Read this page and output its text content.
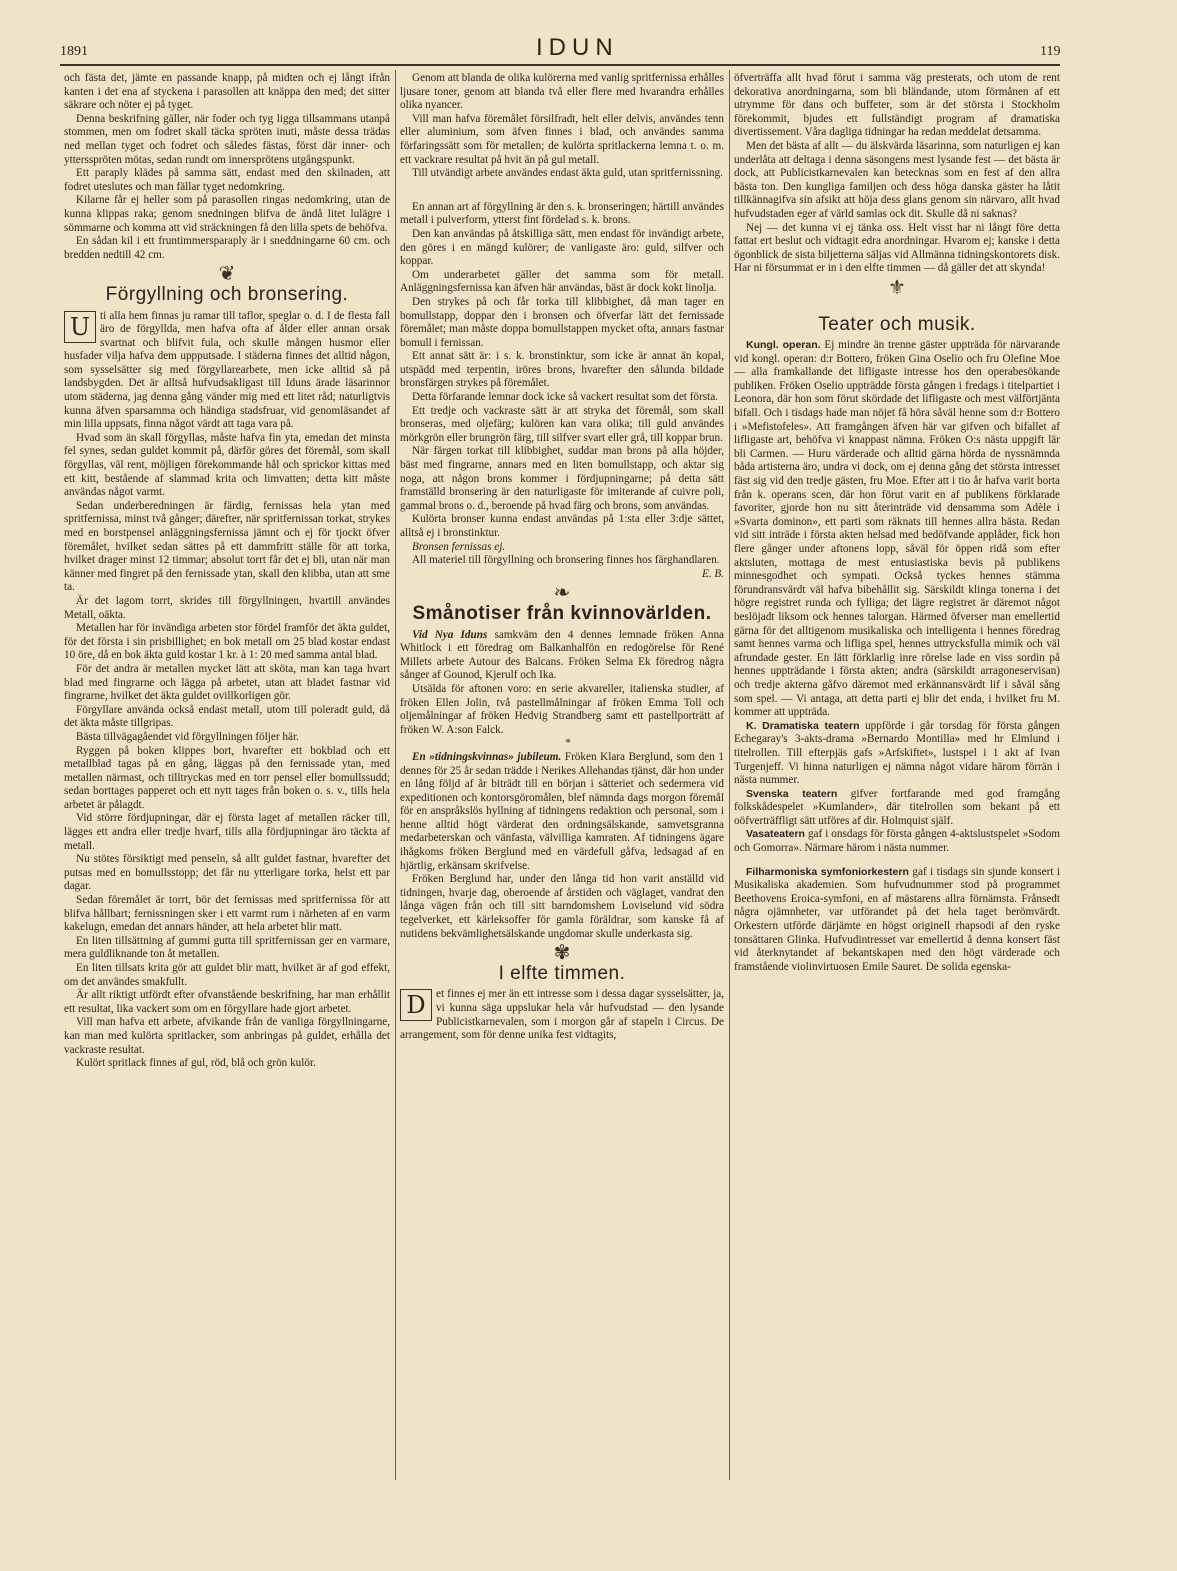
1891	IDUN	119

och fästa det, jämte en passande knapp, på midten och ej långt ifrån kanten i det ena af styckena i parasollen att knäppa den med; det sitter säkrare och nöter ej på tyget.

Denna beskrifning gäller, när foder och tyg ligga tillsammans utanpå stommen, men om fodret skall täcka spröten inuti, måste dessa trädas ned mellan tyget och fodret och således fästas, först där inner- och yttersspröten mötas, sedan rundt om innersprötens utgångspunkt.

Ett paraply klädes på samma sätt, endast med den skilnaden, att fodret uteslutes och man fällar tyget nedomkring.

Kilarne får ej heller som på parasollen ringas nedomkring, utan de kunna klippas raka; genom snedningen blifva de ändå litet lulägre i sömmarne och komma att vid sträckningen få den lilla spets de behöfva.

En sådan kil i ett fruntimmersparaply är i sneddningarne 60 cm. och bredden nedtill 42 cm.

❦
Förgyllning och bronsering.

U ti alla hem finnas ju ramar till taflor, speglar o. d. I de flesta fall äro de förgyllda, men hafva ofta af ålder eller annan orsak svartnat och blifvit fula, och skulle mången husmor eller husfader vilja hafva dem uppputsade. I städerna finnes det alltid någon, som sysselsätter sig med förgyllarearbete, men icke alltid så på landsbygden. Det är alltså hufvudsakligast till Iduns ärade läsarinnor utom städerna, jag denna gång vänder mig med ett litet råd; naturligtvis kunna äfven sparsamma och händiga stadsfruar, vid genomläsandet af min lilla uppsats, finna något värdt att taga vara på.

Hvad som än skall förgyllas, måste hafva fin yta, emedan det minsta fel synes, sedan guldet kommit på, därför göres det föremål, som skall förgyllas, väl rent, möjligen förekommande hål och sprickor kittas med ett kitt, bestående af slammad krita och limvatten; detta kitt måste användas något varmt.

Sedan underberedningen är färdig, fernissas hela ytan med spritfernissa, minst två gånger; därefter, när spritfernissan torkat, strykes med en borstpensel anläggningsfernissa jämnt och ej för tjockt öfver föremålet, hvilket sedan sättes på ett dammfritt ställe för att torka, hvilket drager minst 12 timmar; absolut torrt får det ej bli, utan när man känner med fingret på den fernissade ytan, skall den klibba, utan att sme ta.

Är det lagom torrt, skrides till förgyllningen, hvartill användes Metall, oäkta.

Metallen har för invändiga arbeten stor fördel framför det äkta guldet, för det första i sin prisbillighet; en bok metall om 25 blad kostar endast 10 öre, då en bok äkta guld kostar 1 kr. à 1: 20 med samma antal blad.

För det andra är metallen mycket lätt att sköta, man kan taga hvart blad med fingrarne och lägga på arbetet, utan att bladet fastnar vid fingrarne, hvilket det äkta guldet ovillkorligen gör.

Förgyllare använda också endast metall, utom till poleradt guld, då det äkta måste tillgripas.

Bästa tillvägagåendet vid förgyllningen följer här.

Ryggen på boken klippes bort, hvarefter ett bokblad och ett metallblad tagas på en gång, läggas på den fernissade ytan, med metallen närmast, och tilltryckas med en torr pensel eller bomullssudd; sedan borttages papperet och ett nytt tages från boken o. s. v., tills hela arbetet är pålagdt.

Vid större fördjupningar, där ej första laget af metallen räcker till, lägges ett andra eller tredje hvarf, tills alla fördjupningar äro täckta af metall.

Nu stötes försiktigt med penseln, så allt guldet fastnar, hvarefter det putsas med en bomullsstopp; det får nu ytterligare torka, helst ett par dagar.

Sedan föremålet är torrt, bör det fernissas med spritfernissa för att blifva hållbart; fernissningen sker i ett varmt rum i närheten af en varm kakelugn, emedan det annars händer, att hela arbetet blir matt.

En liten tillsättning af gummi gutta till spritfernissan ger en varmare, mera guldliknande ton åt metallen.

En liten tillsats krita gör att guldet blir matt, hvilket är af god effekt, om det användes smakfullt.

Är allt riktigt utfördt efter ofvanstående beskrifning, har man erhållit ett resultat, lika vackert som om en förgyllare hade gjort arbetet.

Vill man hafva ett arbete, afvikande från de vanliga förgyllningarne, kan man med kulörta spritlacker, som anbringas på guldet, erhålla det vackraste resultat.

Kulört spritlack finnes af gul, röd, blå och grön kulör.

Genom att blanda de olika kulörerna med vanlig spritfernissa erhålles ljusare toner, genom att blanda två eller flere med hvarandra erhålles olika nyancer.

Vill man hafva föremålet försilfradt, helt eller delvis, användes tenn eller aluminium, som äfven finnes i blad, och användes samma förfaringssätt som för metallen; de kulörta spritlackerna lemna t. o. m. ett vackrare resultat på hvit än på gul metall.

Till utvändigt arbete användes endast äkta guld, utan spritfernissning.

En annan art af förgyllning är den s. k. bronseringen; härtill användes metall i pulverform, ytterst fint fördelad s. k. brons.

Den kan användas på åtskilliga sätt, men endast för invändigt arbete, den göres i en mängd kulörer; de vanligaste äro: guld, silfver och koppar.

Om underarbetet gäller det samma som för metall. Anläggningsfernissa kan äfven här användas, bäst är dock kokt linolja.

Den strykes på och får torka till klibbighet, då man tager en bomullstapp, doppar den i bronsen och öfverfar lätt det fernissade föremålet; man måste doppa bomullstappen mycket ofta, annars fastnar bomull i fernissan.

Ett annat sätt är: i s. k. bronstinktur, som icke är annat än kopal, utspädd med terpentin, iröres brons, hvarefter den sålunda bildade bronsfärgen strykes på föremålet.

Detta förfarande lemnar dock icke så vackert resultat som det första.

Ett tredje och vackraste sätt är att stryka det föremål, som skall bronseras, med oljefärg; kulören kan vara olika; till guld användes mörkgrön eller brungrön färg, till silfver svart eller grå, till koppar brun.

När färgen torkat till klibbighet, suddar man brons på alla höjder, bäst med fingrarne, annars med en liten bomullstapp, och aktar sig noga, att någon brons kommer i fördjupningarne; på detta sätt framställd bronsering är den naturligaste för imiterande af cuivre poli, gammal brons o. d., beroende på hvad färg och brons, som användas.

Kulörta bronser kunna endast användas på 1:sta eller 3:dje sättet, alltså ej i bronstinktur.

Bronsen fernissas ej.

All materiel till förgyllning och bronsering finnes hos färghandlaren.

E. B.
❧
Smånotiser från kvinnovärlden.

Vid Nya Iduns samkväm den 4 dennes lemnade fröken Anna Whitlock i ett föredrag om Balkanhalfön en redogörelse för René Millets arbete Autour des Balcans. Fröken Selma Ek föredrog några sånger af Gounod, Kjerulf och Ika.

Utsälda för aftonen voro: en serie akvareller, italienska studier, af fröken Ellen Jolin, två pastellmålningar af fröken Emma Toll och oljemålningar af fröken Hedvig Strandberg samt ett pastellporträtt af fröken W. A:son Falck.

*

En »tidningskvinnas» jubileum. Fröken Klara Berglund, som den 1 dennes för 25 år sedan trädde i Nerikes Allehandas tjänst, där hon under en lång följd af år biträdt till en början i sätteriet och sedermera vid expeditionen och kontorsgöromålen, blef nämnda dags morgon föremål för en anspråkslös hyllning af tidningens redaktion och personal, som i henne alltid högt värderat den ordningsälskande, samvetsgranna medarbeterskan och vänfasta, välvilliga kamraten. Af tidningens ägare ihågkoms fröken Berglund med en värdefull gåfva, ledsagad af en hjärtlig, erkänsam skrifvelse.

Fröken Berglund har, under den långa tid hon varit anställd vid tidningen, hvarje dag, oberoende af årstiden och väglaget, vandrat den långa vägen från och till sitt barndomshem Loviselund vid södra tegelverket, ett kärleksoffer för gamla föräldrar, som kanske få af nutidens bekvämlighetsälskande ungdomar skulle underkasta sig.

✾
I elfte timmen.

D et finnes ej mer än ett intresse som i dessa dagar sysselsätter, ja, vi kunna säga uppslukar hela vår hufvudstad — den lysande Publicistkarnevalen, som i morgon går af stapeln i Circus. De arrangement, som för denne unika fest vidtagits,

öfverträffa allt hvad förut i samma väg presterats, och utom de rent dekorativa anordningarna, som bli bländande, utom förmånen af ett utrymme för dans och buffeter, som är det största i Stockholm förekommit, bjudes ett fullständigt program af dramatiska divertissement. Våra dagliga tidningar ha redan meddelat detsamma.

Men det bästa af allt — du älskvärda läsarinna, som naturligen ej kan underlåta att deltaga i denna säsongens mest lysande fest — det bästa är dock, att Publicistkarnevalen kan betecknas som en fest af den allra bästa ton. Den kungliga familjen och dess höga danska gäster ha låtit tillkännagifva sin afsikt att höja dess glans genom sin närvaro, allt hvad hufvudstaden eger af värld samlas ock dit. Skulle då ni saknas?

Nej — det kunna vi ej tänka oss. Helt visst har ni långt före detta fattat ert beslut och vidtagit edra anordningar. Hvarom ej; kanske i detta ögonblick de sista biljetterna säljas vid Allmänna tidningskontorets disk. Har ni försummat er in i den elfte timmen — då gäller det att skynda!

⚜
Teater och musik.

Kungl. operan. Ej mindre än trenne gäster uppträda för närvarande vid kongl. operan: d:r Bottero, fröken Gina Oselio och fru Olefine Moe — alla framkallande det lifligaste intresse hos den operabesökande publiken. Fröken Oselio uppträdde första gången i fredags i titelpartiet i Leonora, där hon som förut skördade det lifligaste och mest välförtjänta bifall. Och i tisdags hade man nöjet få höra såväl henne som d:r Bottero i »Mefistofeles». Att framgången äfven här var gifven och bifallet af lifligaste art, behöfva vi knappast nämna. Fröken O:s nästa uppgift lär bli Carmen. — Huru värderade och alltid gärna hörda de nyssnämnda båda artisterna äro, undra vi dock, om ej denna gång det största intresset fäst sig vid den tredje gästen, fru Moe. Efter att i tio år hafva varit borta från k. operans scen, där hon förut varit en af publikens förklarade favoriter, gjorde hon nu sitt återinträde vid densamma som Adèle i »Svarta dominon», ett parti som räknats till hennes allra bästa. Redan vid sitt inträde i första akten helsad med bedöfvande applåder, fick hon flere gånger under aftonens lopp, såväl för öppen ridå som efter aktsluten, mottaga de mest entusiastiska bevis på publikens minnesgodhet och sympati. Också tyckes hennes stämma förundransvärdt väl hafva bibehållit sig. Särskildt klinga tonerna i det högre registret runda och fylliga; det lägre registret är däremot något beslöjadt liksom ock hennes talorgan. Härmed öfverser man emellertid gärna för det alltigenom musikaliska och intelligenta i hennes föredrag samt hennes varma och lifliga spel, hennes uttrycksfulla mimik och väl afrundade gester. En lätt förklarlig inre rörelse lade en viss sordin på hennes uppträdande i första akten; andra (särskildt arragoneservisan) och tredje akterna gåfvo däremot med erkännansvärdt lif i såväl sång som spel. — Vi antaga, att detta parti ej blir det enda, i hvilket fru M. kommer att uppträda.

K. Dramatiska teatern uppförde i går torsdag för första gången Echegaray's 3-akts-drama »Bernardo Montilla» med hr Elmlund i titelrollen. Till efterpjäs gafs »Arfskiftet», lustspel i 1 akt af Ivan Turgenjeff. Vi hinna naturligen ej nämna något vidare härom förrän i nästa nummer.

Svenska teatern gifver fortfarande med god framgång folkskådespelet »Kumlander», där titelrollen som bekant på ett oöfverträffligt sätt utföres af dir. Holmquist själf.

Vasateatern gaf i onsdags för första gången 4-aktslustspelet »Sodom och Gomorra». Närmare härom i nästa nummer.

Filharmoniska symfoniorkestern gaf i tisdags sin sjunde konsert i Musikaliska akademien. Som hufvudnummer stod på programmet Beethovens Eroica-symfoni, en af mästarens allra förnämsta. Frånsedt några ojämnheter, var utförandet på det hela taget berömvärdt. Orkestern utförde därjämte en högst originell rhapsodi af den ryske tonsättaren Glinka. Hufvudintresset var emellertid å denna konsert fäst vid återknytandet af bekantskapen med den högt värderade och framstående violinvirtuosen Emile Sauret. De solida egenska-
